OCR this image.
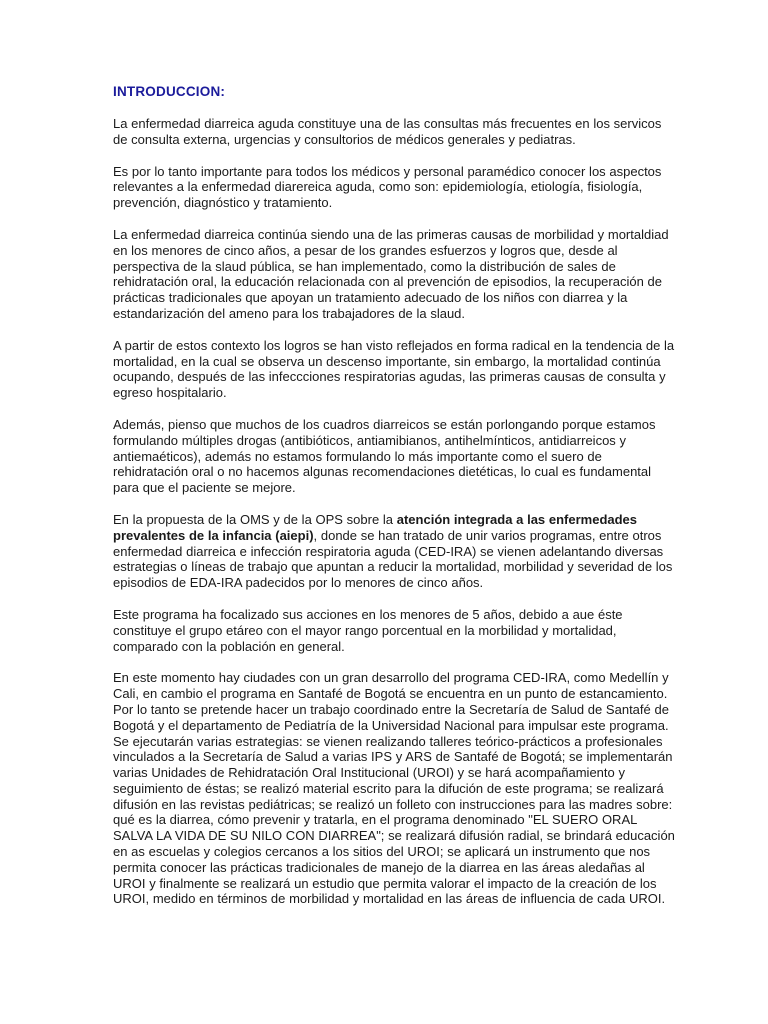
INTRODUCCION:

La enfermedad diarreica aguda constituye una de las consultas más frecuentes en los servicos de consulta externa, urgencias y consultorios de médicos generales y pediatras.

Es por lo tanto importante para todos los médicos y personal paramédico conocer los aspectos relevantes a la enfermedad diarereica aguda, como son: epidemiología, etiología, fisiología, prevención, diagnóstico y tratamiento.

La enfermedad diarreica continúa siendo una de las primeras causas de morbilidad y mortaldiad en los menores de cinco años, a pesar de los grandes esfuerzos y logros que, desde al perspectiva de la slaud pública, se han implementado, como la distribución de sales de rehidratación oral, la educación relacionada con al prevención de episodios, la recuperación de prácticas tradicionales que apoyan un tratamiento adecuado de los niños con diarrea y la estandarización del ameno para los trabajadores de la slaud.

A partir de estos contexto los logros se han visto reflejados en forma radical en la tendencia de la mortalidad, en la cual se observa un descenso importante, sin embargo, la mortalidad continúa ocupando, después de las infeccciones respiratorias agudas, las primeras causas de consulta y egreso hospitalario.

Además, pienso que muchos de los cuadros diarreicos se están porlongando porque estamos formulando múltiples drogas (antibióticos, antiamibianos, antihelmínticos, antidiarreicos y antiemaéticos), además no estamos formulando lo más importante como el suero de rehidratación oral o no hacemos algunas recomendaciones dietéticas, lo cual es fundamental para que el paciente se mejore.

En la propuesta de la OMS y de la OPS sobre la atención integrada a las enfermedades prevalentes de la infancia (aiepi), donde se han tratado de unir varios programas, entre otros enfermedad diarreica e infección respiratoria aguda (CED-IRA) se vienen adelantando diversas estrategias o líneas de trabajo que apuntan a reducir la mortalidad, morbilidad y severidad de los episodios de EDA-IRA padecidos por lo menores de cinco años.

Este programa ha focalizado sus acciones en los menores de 5 años, debido a aue éste constituye el grupo etáreo con el mayor rango porcentual en la morbilidad y mortalidad, comparado con la población en general.

En este momento hay ciudades con un gran desarrollo del programa CED-IRA, como Medellín y Cali, en cambio el programa en Santafé de Bogotá se encuentra en un punto de estancamiento. Por lo tanto se pretende hacer un trabajo coordinado entre la Secretaría de Salud de Santafé de Bogotá y el departamento de Pediatría de la Universidad Nacional para impulsar este programa. Se ejecutarán varias estrategias: se vienen realizando talleres teórico-prácticos a profesionales vinculados a la Secretaría de Salud a varias IPS y ARS de Santafé de Bogotá; se implementarán varias Unidades de Rehidratación Oral Institucional (UROI) y se hará acompañamiento y seguimiento de éstas; se realizó material escrito para la difución de este programa; se realizará difusión en las revistas pediátricas; se realizó un folleto con instrucciones para las madres sobre: qué es la diarrea, cómo prevenir y tratarla, en el programa denominado "EL SUERO ORAL SALVA LA VIDA DE SU NILO CON DIARREA"; se realizará difusión radial, se brindará educación en as escuelas y colegios cercanos a los sitios del UROI; se aplicará un instrumento que nos permita conocer las prácticas tradicionales de manejo de la diarrea en las áreas aledañas al UROI y finalmente se realizará un estudio que permita valorar el impacto de la creación de los UROI, medido en términos de morbilidad y mortalidad en las áreas de influencia de cada UROI.
